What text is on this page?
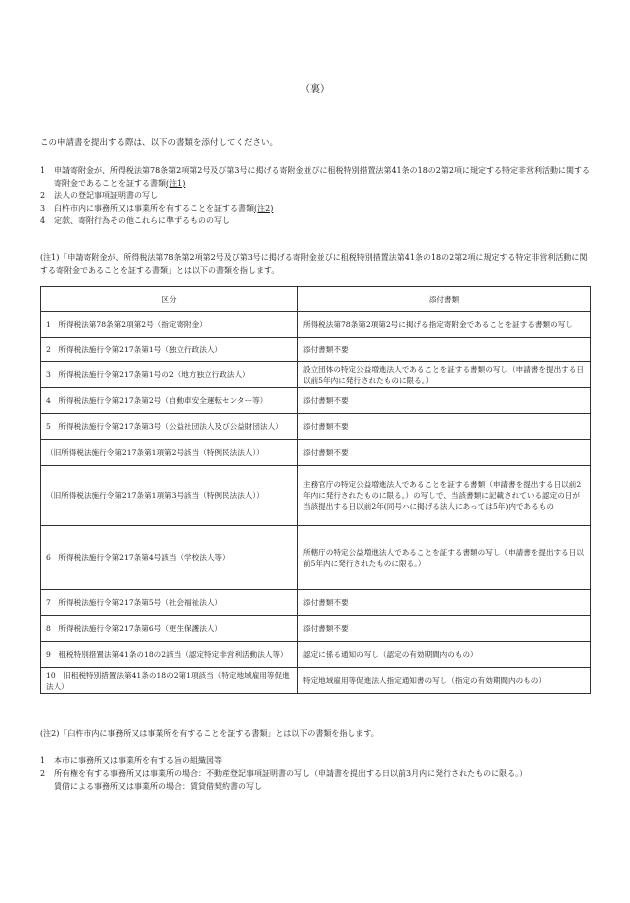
（裏）
この申請書を提出する際は、以下の書類を添付してください。
1	申請寄附金が、所得税法第78条第2項第2号及び第3号に掲げる寄附金並びに租税特別措置法第41条の18の2第2項に規定する特定非営利活動に関する寄附金であることを証する書類(注1)
2	法人の登記事項証明書の写し
3	臼杵市内に事務所又は事業所を有することを証する書類(注2)
4	定款、寄附行為その他これらに準ずるものの写し
(注1)「申請寄附金が、所得税法第78条第2項第2号及び第3号に掲げる寄附金並びに租税特別措置法第41条の18の2第2項に規定する特定非営利活動に関する寄附金であることを証する書類」とは以下の書類を指します。
区分	添付書類
1　所得税法第78条第2項第2号（指定寄附金）	所得税法第78条第2項第2号に掲げる指定寄附金であることを証する書類の写し
2　所得税法施行令第217条第1号（独立行政法人）	添付書類不要
3　所得税法施行令第217条第1号の2（地方独立行政法人）	設立団体の特定公益増進法人であることを証する書類の写し（申請書を提出する日以前5年内に発行されたものに限る。）
4　所得税法施行令第217条第2号（自動車安全運転センター等）	添付書類不要
5　所得税法施行令第217条第3号（公益社団法人及び公益財団法人）	添付書類不要
（旧所得税法施行令第217条第1項第2号該当（特例民法法人））	添付書類不要
（旧所得税法施行令第217条第1項第3号該当（特例民法法人））	主務官庁の特定公益増進法人であることを証する書類（申請書を提出する日以前2年内に発行されたものに限る。）の写しで、当該書類に記載されている認定の日が当該提出する日以前2年(同号ハに掲げる法人にあっては5年)内であるもの
6　所得税法施行令第217条第4号該当（学校法人等）	所轄庁の特定公益増進法人であることを証する書類の写し（申請書を提出する日以前5年内に発行されたものに限る。）
7　所得税法施行令第217条第5号（社会福祉法人）	添付書類不要
8　所得税法施行令第217条第6号（更生保護法人）	添付書類不要
9　租税特別措置法第41条の18の2該当（認定特定非営利活動法人等）	認定に係る通知の写し（認定の有効期間内のもの）
10　旧租税特別措置法第41条の18の2第1項該当（特定地域雇用等促進法人）	特定地域雇用等促進法人指定通知書の写し（指定の有効期間内のもの）
(注2)「臼杵市内に事務所又は事業所を有することを証する書類」とは以下の書類を指します。
1	本市に事務所又は事業所を有する旨の組織図等
2	所有権を有する事務所又は事業所の場合：不動産登記事項証明書の写し（申請書を提出する日以前3月内に発行されたものに限る。）
賃借による事務所又は事業所の場合：賃貸借契約書の写し
